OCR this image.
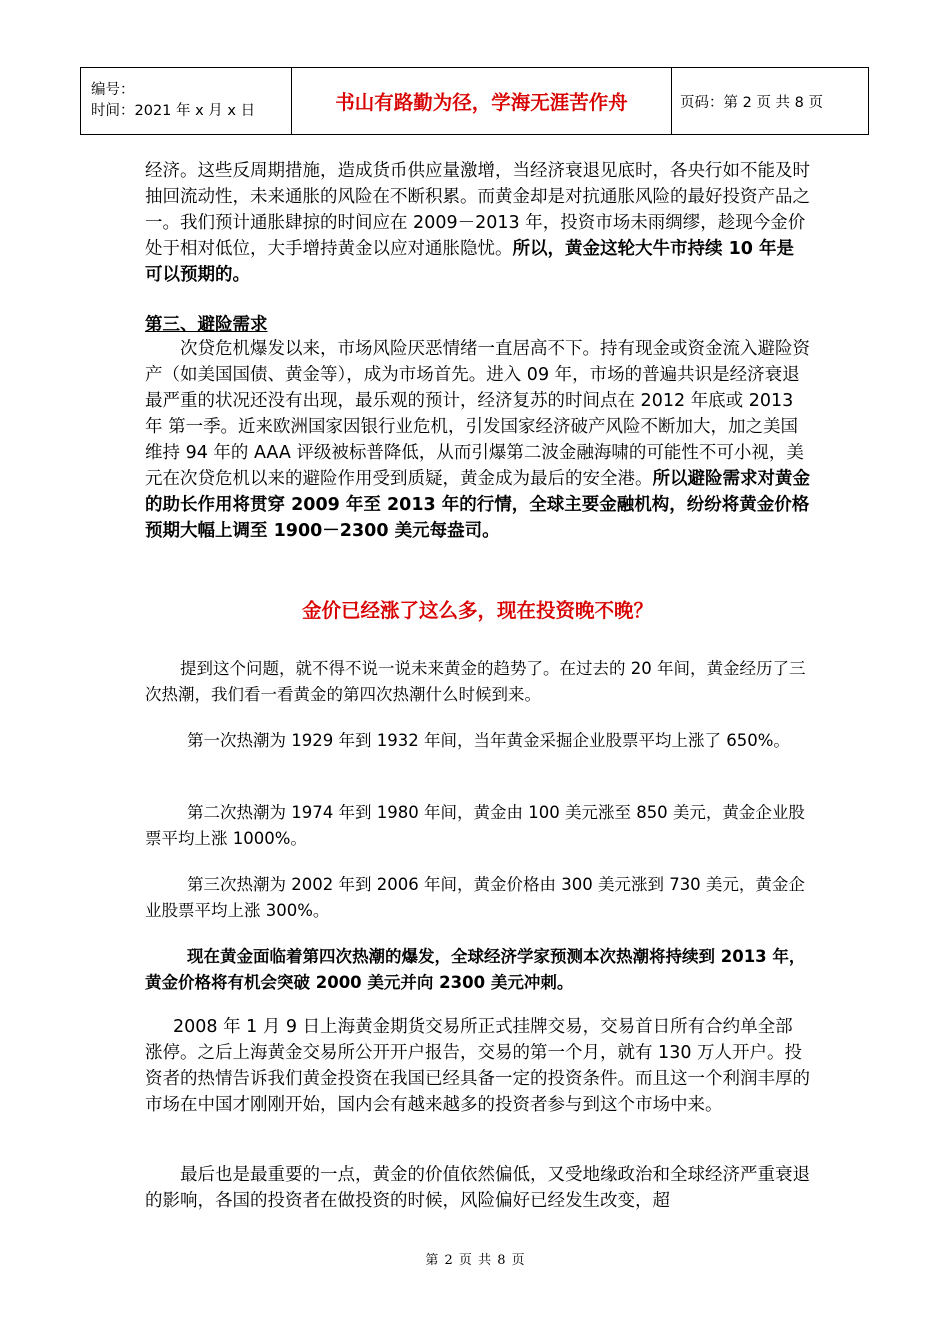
编号：
时间：2021 年 x 月 x 日	书山有路勤为径，学海无涯苦作舟	页码：第 2 页 共 8 页

经济。这些反周期措施，造成货币供应量激增，当经济衰退见底时，各央行如不能及时抽回流动性，未来通胀的风险在不断积累。而黄金却是对抗通胀风险的最好投资产品之一。我们预计通胀肆掠的时间应在 2009－2013 年，投资市场未雨绸缪，趁现今金价处于相对低位，大手增持黄金以应对通胀隐忧。所以，黄金这轮大牛市持续 10 年是可以预期的。

第三、避险需求

次贷危机爆发以来，市场风险厌恶情绪一直居高不下。持有现金或资金流入避险资产（如美国国债、黄金等），成为市场首先。进入 09 年，市场的普遍共识是经济衰退最严重的状况还没有出现，最乐观的预计，经济复苏的时间点在 2012 年底或 2013 年 第一季。近来欧洲国家因银行业危机，引发国家经济破产风险不断加大，加之美国维持 94 年的 AAA 评级被标普降低，从而引爆第二波金融海啸的可能性不可小视，美元在次贷危机以来的避险作用受到质疑，黄金成为最后的安全港。所以避险需求对黄金的助长作用将贯穿 2009 年至 2013 年的行情，全球主要金融机构，纷纷将黄金价格预期大幅上调至 1900－2300 美元每盎司。

金价已经涨了这么多，现在投资晚不晚？

提到这个问题，就不得不说一说未来黄金的趋势了。在过去的 20 年间，黄金经历了三次热潮，我们看一看黄金的第四次热潮什么时候到来。

第一次热潮为 1929 年到 1932 年间，当年黄金采掘企业股票平均上涨了 650%。

第二次热潮为 1974 年到 1980 年间，黄金由 100 美元涨至 850 美元，黄金企业股票平均上涨 1000%。

第三次热潮为 2002 年到 2006 年间，黄金价格由 300 美元涨到 730 美元，黄金企业股票平均上涨 300%。

现在黄金面临着第四次热潮的爆发，全球经济学家预测本次热潮将持续到 2013 年，黄金价格将有机会突破 2000 美元并向 2300 美元冲刺。

2008 年 1 月 9 日上海黄金期货交易所正式挂牌交易，交易首日所有合约单全部涨停。之后上海黄金交易所公开开户报告，交易的第一个月，就有 130 万人开户。投资者的热情告诉我们黄金投资在我国已经具备一定的投资条件。而且这一个利润丰厚的市场在中国才刚刚开始，国内会有越来越多的投资者参与到这个市场中来。

最后也是最重要的一点，黄金的价值依然偏低，又受地缘政治和全球经济严重衰退的影响，各国的投资者在做投资的时候，风险偏好已经发生改变，超

第 2 页 共 8 页
